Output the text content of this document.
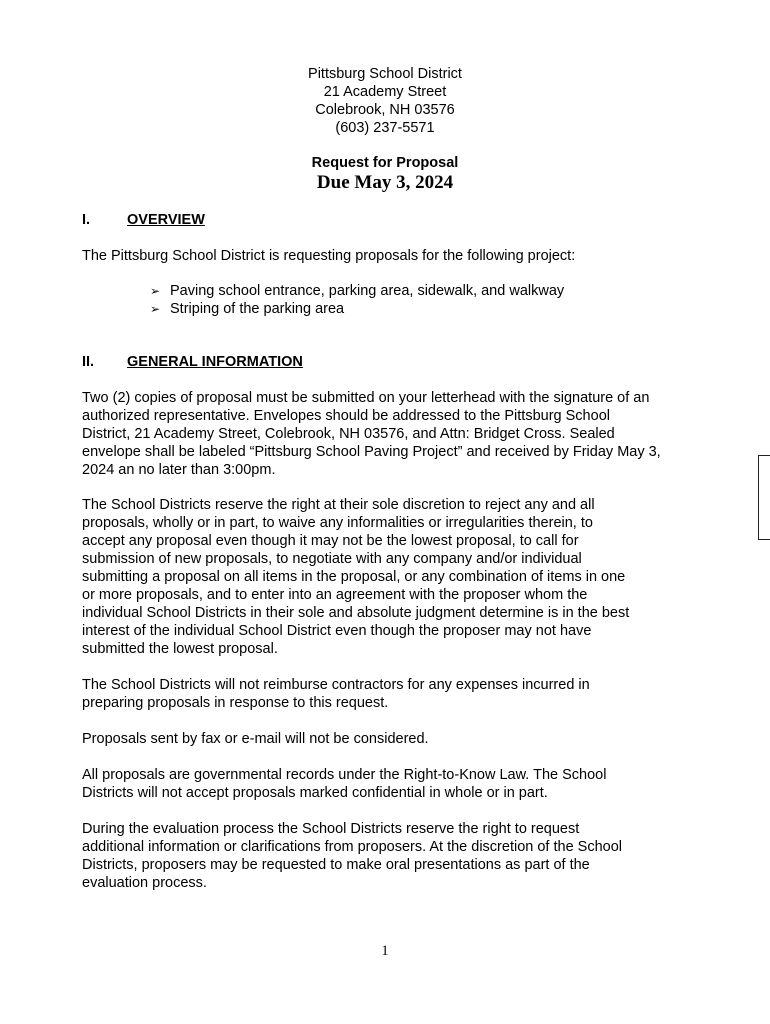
Pittsburg School District
21 Academy Street
Colebrook, NH 03576
(603) 237-5571
Request for Proposal
Due May 3, 2024
I.	OVERVIEW
The Pittsburg School District is requesting proposals for the following project:
➢ Paving school entrance, parking area, sidewalk, and walkway
➢ Striping of the parking area
II. GENERAL INFORMATION
Two (2) copies of proposal must be submitted on your letterhead with the signature of an
authorized representative. Envelopes should be addressed to the Pittsburg School
District, 21 Academy Street, Colebrook, NH 03576, and Attn: Bridget Cross. Sealed
envelope shall be labeled “Pittsburg School Paving Project” and received by Friday May 3,
2024 an no later than 3:00pm.
The School Districts reserve the right at their sole discretion to reject any and all
proposals, wholly or in part, to waive any informalities or irregularities therein, to
accept any proposal even though it may not be the lowest proposal, to call for
submission of new proposals, to negotiate with any company and/or individual
submitting a proposal on all items in the proposal, or any combination of items in one
or more proposals, and to enter into an agreement with the proposer whom the
individual School Districts in their sole and absolute judgment determine is in the best
interest of the individual School District even though the proposer may not have
submitted the lowest proposal.
The School Districts will not reimburse contractors for any expenses incurred in
preparing proposals in response to this request.
Proposals sent by fax or e-mail will not be considered.
All proposals are governmental records under the Right-to-Know Law. The School
Districts will not accept proposals marked confidential in whole or in part.
During the evaluation process the School Districts reserve the right to request
additional information or clarifications from proposers. At the discretion of the School
Districts, proposers may be requested to make oral presentations as part of the
evaluation process.
1
